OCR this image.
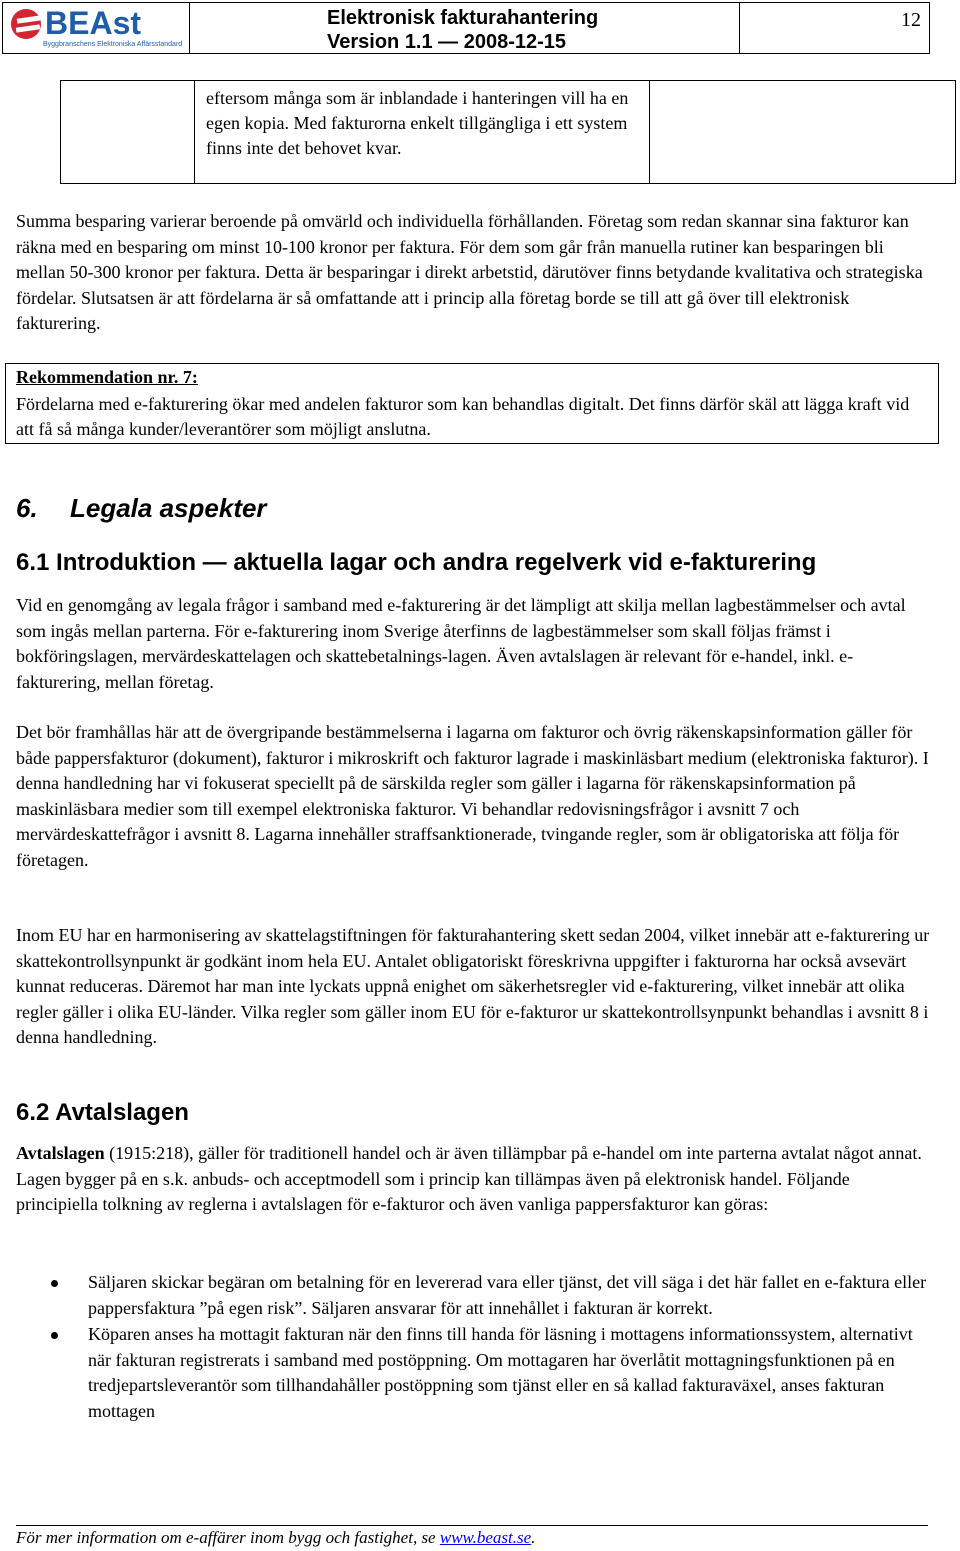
BEAst
Byggbranschens Elektroniska Affärsstandard
Elektronisk fakturahantering
Version 1.1 — 2008-12-15
12

eftersom många som är inblandade i hanteringen vill ha en egen kopia. Med fakturorna enkelt tillgängliga i ett system finns inte det behovet kvar.

Summa besparing varierar beroende på omvärld och individuella förhållanden. Företag som redan skannar sina fakturor kan räkna med en besparing om minst 10-100 kronor per faktura. För dem som går från manuella rutiner kan besparingen bli mellan 50-300 kronor per faktura. Detta är besparingar i direkt arbetstid, därutöver finns betydande kvalitativa och strategiska fördelar. Slutsatsen är att fördelarna är så omfattande att i princip alla företag borde se till att gå över till elektronisk fakturering.

Rekommendation nr. 7:
Fördelarna med e-fakturering ökar med andelen fakturor som kan behandlas digitalt. Det finns därför skäl att lägga kraft vid att få så många kunder/leverantörer som möjligt anslutna.
6. Legala aspekter
6.1 Introduktion — aktuella lagar och andra regelverk vid e-fakturering

Vid en genomgång av legala frågor i samband med e-fakturering är det lämpligt att skilja mellan lagbestämmelser och avtal som ingås mellan parterna. För e-fakturering inom Sverige återfinns de lagbestämmelser som skall följas främst i bokföringslagen, mervärdeskattelagen och skattebetalnings-lagen. Även avtalslagen är relevant för e-handel, inkl. e-fakturering, mellan företag.

Det bör framhållas här att de övergripande bestämmelserna i lagarna om fakturor och övrig räkenskapsinformation gäller för både pappersfakturor (dokument), fakturor i mikroskrift och fakturor lagrade i maskinläsbart medium (elektroniska fakturor). I denna handledning har vi fokuserat speciellt på de särskilda regler som gäller i lagarna för räkenskapsinformation på maskinläsbara medier som till exempel elektroniska fakturor. Vi behandlar redovisningsfrågor i avsnitt 7 och mervärdeskattefrågor i avsnitt 8. Lagarna innehåller straffsanktionerade, tvingande regler, som är obligatoriska att följa för företagen.

Inom EU har en harmonisering av skattelagstiftningen för fakturahantering skett sedan 2004, vilket innebär att e-fakturering ur skattekontrollsynpunkt är godkänt inom hela EU. Antalet obligatoriskt föreskrivna uppgifter i fakturorna har också avsevärt kunnat reduceras. Däremot har man inte lyckats uppnå enighet om säkerhetsregler vid e-fakturering, vilket innebär att olika regler gäller i olika EU-länder. Vilka regler som gäller inom EU för e-fakturor ur skattekontrollsynpunkt behandlas i avsnitt 8 i denna handledning.

6.2 Avtalslagen

Avtalslagen (1915:218), gäller för traditionell handel och är även tillämpbar på e-handel om inte parterna avtalat något annat. Lagen bygger på en s.k. anbuds- och acceptmodell som i princip kan tillämpas även på elektronisk handel. Följande principiella tolkning av reglerna i avtalslagen för e-fakturor och även vanliga pappersfakturor kan göras:

Säljaren skickar begäran om betalning för en levererad vara eller tjänst, det vill säga i det här fallet en e-faktura eller pappersfaktura ”på egen risk”. Säljaren ansvarar för att innehållet i fakturan är korrekt.
Köparen anses ha mottagit fakturan när den finns till handa för läsning i mottagens informationssystem, alternativt när fakturan registrerats i samband med postöppning. Om mottagaren har överlåtit mottagningsfunktionen på en tredjepartsleverantör som tillhandahåller postöppning som tjänst eller en så kallad fakturaväxel, anses fakturan mottagen
För mer information om e-affärer inom bygg och fastighet, se www.beast.se.
